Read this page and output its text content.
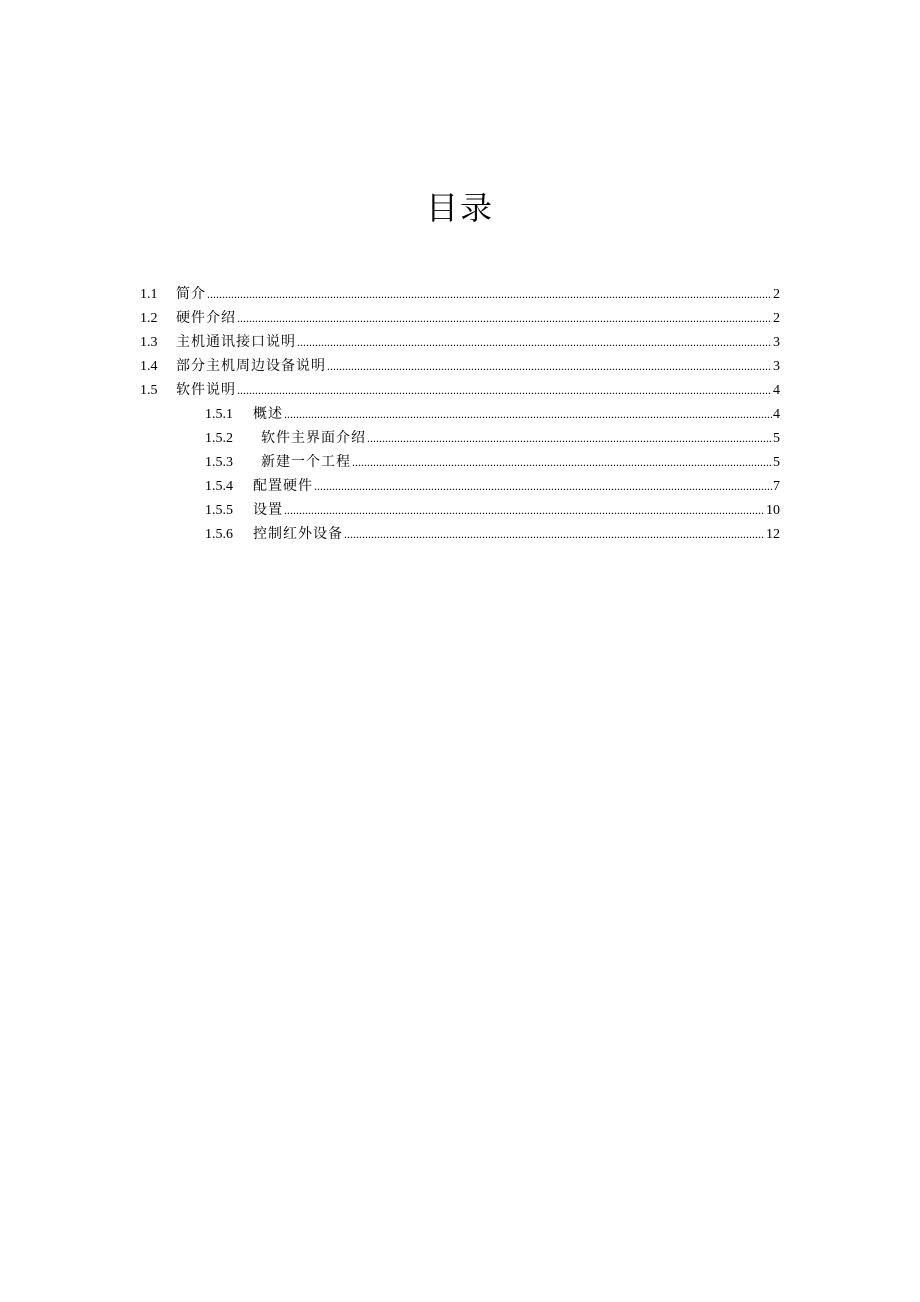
目录
1.1	简介 .....	2
1.2	硬件介绍 .....	2
1.3	主机通讯接口说明 .....	3
1.4	部分主机周边设备说明 .....	3
1.5	软件说明 .....	4
1.5.1	概述 .....	4
1.5.2	软件主界面介绍 .....	5
1.5.3	新建一个工程 .....	5
1.5.4	配置硬件 .....	7
1.5.5	设置 .....	10
1.5.6	控制红外设备 .....	12
